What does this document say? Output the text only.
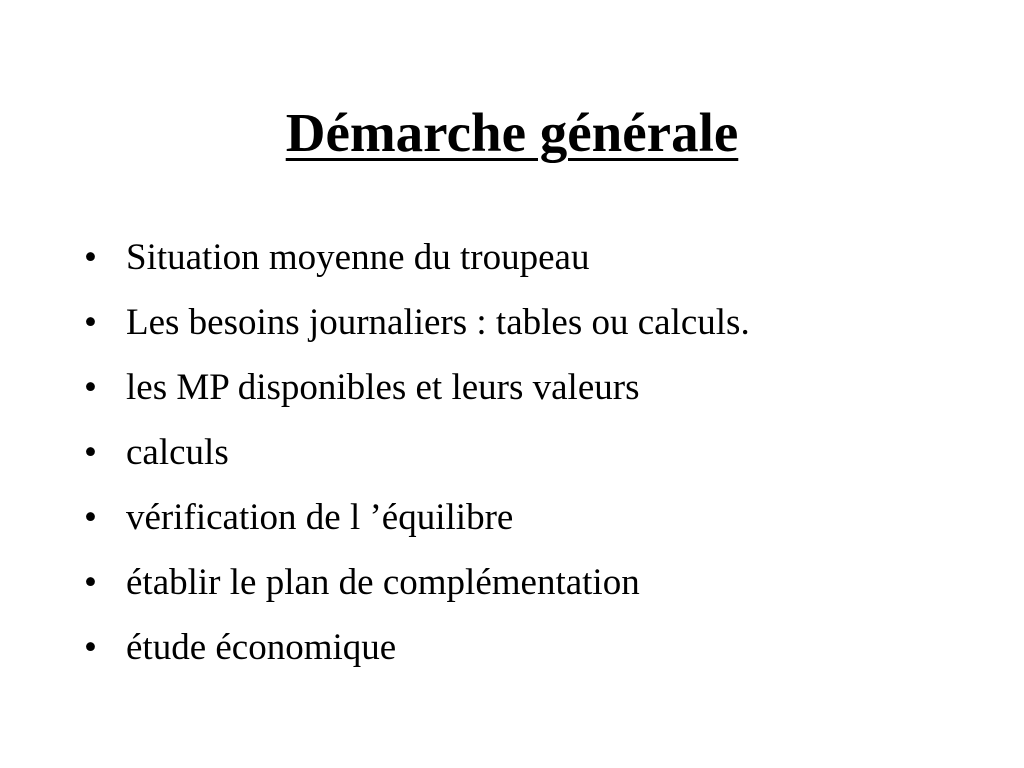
Démarche générale
• Situation moyenne du troupeau
• Les besoins journaliers : tables ou calculs.
• les MP disponibles et leurs valeurs
• calculs
• vérification de l ’équilibre
• établir le plan de complémentation
• étude économique
